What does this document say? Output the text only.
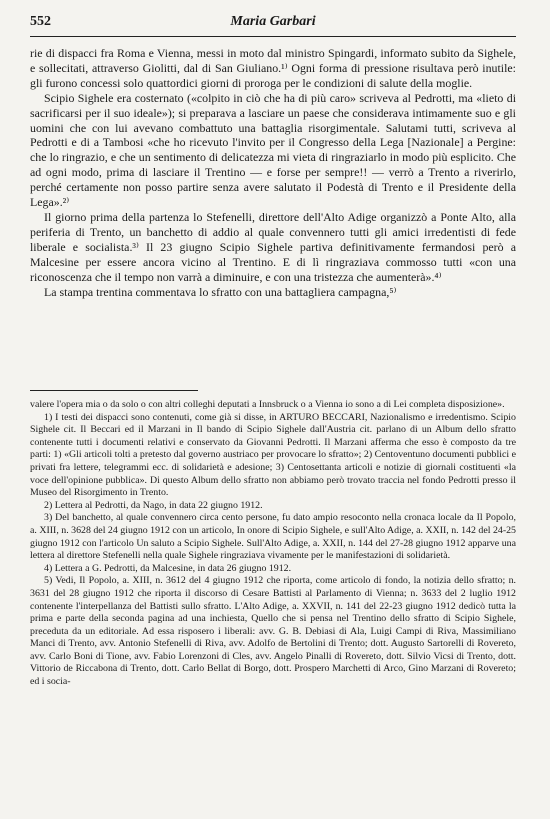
552	Maria Garbari

rie di dispacci fra Roma e Vienna, messi in moto dal ministro Spingardi, informato subito da Sighele, e sollecitati, attraverso Giolitti, dal di San Giuliano.¹⁾ Ogni forma di pressione risultava però inutile: gli furono concessi solo quattordici giorni di proroga per le condizioni di salute della moglie.

Scipio Sighele era costernato («colpito in ciò che ha di più caro» scriveva al Pedrotti, ma «lieto di sacrificarsi per il suo ideale»); si preparava a lasciare un paese che considerava intimamente suo e gli uomini che con lui avevano combattuto una battaglia risorgimentale. Salutami tutti, scriveva al Pedrotti e di a Tambosi «che ho ricevuto l'invito per il Congresso della Lega [Nazionale] a Pergine: che lo ringrazio, e che un sentimento di delicatezza mi vieta di ringraziarlo in modo più esplicito. Che ad ogni modo, prima di lasciare il Trentino — e forse per sempre!! — verrò a Trento a riverirlo, perché certamente non posso partire senza avere salutato il Podestà di Trento e il Presidente della Lega».²⁾

Il giorno prima della partenza lo Stefenelli, direttore dell'Alto Adige organizzò a Ponte Alto, alla periferia di Trento, un banchetto di addio al quale convennero tutti gli amici irredentisti di fede liberale e socialista.³⁾ Il 23 giugno Scipio Sighele partiva definitivamente fermandosi però a Malcesine per essere ancora vicino al Trentino. E di lì ringraziava commosso tutti «con una riconoscenza che il tempo non varrà a diminuire, e con una tristezza che aumenterà».⁴⁾

La stampa trentina commentava lo sfratto con una battagliera campagna,⁵⁾

valere l'opera mia o da solo o con altri colleghi deputati a Innsbruck o a Vienna io sono a di Lei completa disposizione».

1) I testi dei dispacci sono contenuti, come già si disse, in ARTURO BECCARI, Nazionalismo e irredentismo. Scipio Sighele cit. Il Beccari ed il Marzani in Il bando di Scipio Sighele dall'Austria cit. parlano di un Album dello sfratto contenente tutti i documenti relativi e conservato da Giovanni Pedrotti. Il Marzani afferma che esso è composto da tre parti: 1) «Gli articoli tolti a pretesto dal governo austriaco per provocare lo sfratto»; 2) Centoventuno documenti pubblici e privati fra lettere, telegrammi ecc. di solidarietà e adesione; 3) Centosettanta articoli e notizie di giornali costituenti «la voce dell'opinione pubblica». Di questo Album dello sfratto non abbiamo però trovato traccia nel fondo Pedrotti presso il Museo del Risorgimento in Trento.

2) Lettera al Pedrotti, da Nago, in data 22 giugno 1912.

3) Del banchetto, al quale convennero circa cento persone, fu dato ampio resoconto nella cronaca locale da Il Popolo, a. XIII, n. 3628 del 24 giugno 1912 con un articolo, In onore di Scipio Sighele, e sull'Alto Adige, a. XXII, n. 142 del 24-25 giugno 1912 con l'articolo Un saluto a Scipio Sighele. Sull'Alto Adige, a. XXII, n. 144 del 27-28 giugno 1912 apparve una lettera al direttore Stefenelli nella quale Sighele ringraziava vivamente per le manifestazioni di solidarietà.

4) Lettera a G. Pedrotti, da Malcesine, in data 26 giugno 1912.

5) Vedi, Il Popolo, a. XIII, n. 3612 del 4 giugno 1912 che riporta, come articolo di fondo, la notizia dello sfratto; n. 3631 del 28 giugno 1912 che riporta il discorso di Cesare Battisti al Parlamento di Vienna; n. 3633 del 2 luglio 1912 contenente l'interpellanza del Battisti sullo sfratto. L'Alto Adige, a. XXVII, n. 141 del 22-23 giugno 1912 dedicò tutta la prima e parte della seconda pagina ad una inchiesta, Quello che si pensa nel Trentino dello sfratto di Scipio Sighele, preceduta da un editoriale. Ad essa risposero i liberali: avv. G. B. Debiasi di Ala, Luigi Campi di Riva, Massimiliano Manci di Trento, avv. Antonio Stefenelli di Riva, avv. Adolfo de Bertolini di Trento; dott. Augusto Sartorelli di Rovereto, avv. Carlo Boni di Tione, avv. Fabio Lorenzoni di Cles, avv. Angelo Pinalli di Rovereto, dott. Silvio Vicsi di Trento, dott. Vittorio de Riccabona di Trento, dott. Carlo Bellat di Borgo, dott. Prospero Marchetti di Arco, Gino Marzani di Rovereto; ed i socia-
